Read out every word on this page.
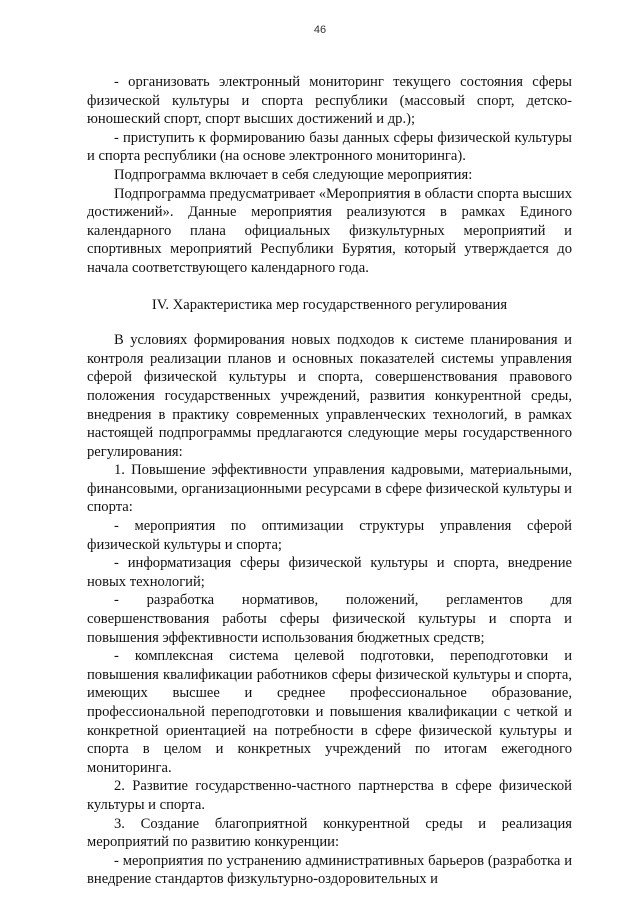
46

- организовать электронный мониторинг текущего состояния сферы физической культуры и спорта республики (массовый спорт, детско-юношеский спорт, спорт высших достижений и др.);

- приступить к формированию базы данных сферы физической культуры и спорта республики (на основе электронного мониторинга).

Подпрограмма включает в себя следующие мероприятия:

Подпрограмма предусматривает «Мероприятия в области спорта высших достижений». Данные мероприятия реализуются в рамках Единого календарного плана официальных физкультурных мероприятий и спортивных мероприятий Республики Бурятия, который утверждается до начала соответствующего календарного года.

IV. Характеристика мер государственного регулирования

В условиях формирования новых подходов к системе планирования и контроля реализации планов и основных показателей системы управления сферой физической культуры и спорта, совершенствования правового положения государственных учреждений, развития конкурентной среды, внедрения в практику современных управленческих технологий, в рамках настоящей подпрограммы предлагаются следующие меры государственного регулирования:

1. Повышение эффективности управления кадровыми, материальными, финансовыми, организационными ресурсами в сфере физической культуры и спорта:

- мероприятия по оптимизации структуры управления сферой физической культуры и спорта;

- информатизация сферы физической культуры и спорта, внедрение новых технологий;

- разработка нормативов, положений, регламентов для совершенствования работы сферы физической культуры и спорта и повышения эффективности использования бюджетных средств;

- комплексная система целевой подготовки, переподготовки и повышения квалификации работников сферы физической культуры и спорта, имеющих высшее и среднее профессиональное образование, профессиональной переподготовки и повышения квалификации с четкой и конкретной ориентацией на потребности в сфере физической культуры и спорта в целом и конкретных учреждений по итогам ежегодного мониторинга.

2. Развитие государственно-частного партнерства в сфере физической культуры и спорта.

3. Создание благоприятной конкурентной среды и реализация мероприятий по развитию конкуренции:

- мероприятия по устранению административных барьеров (разработка и внедрение стандартов физкультурно-оздоровительных и
